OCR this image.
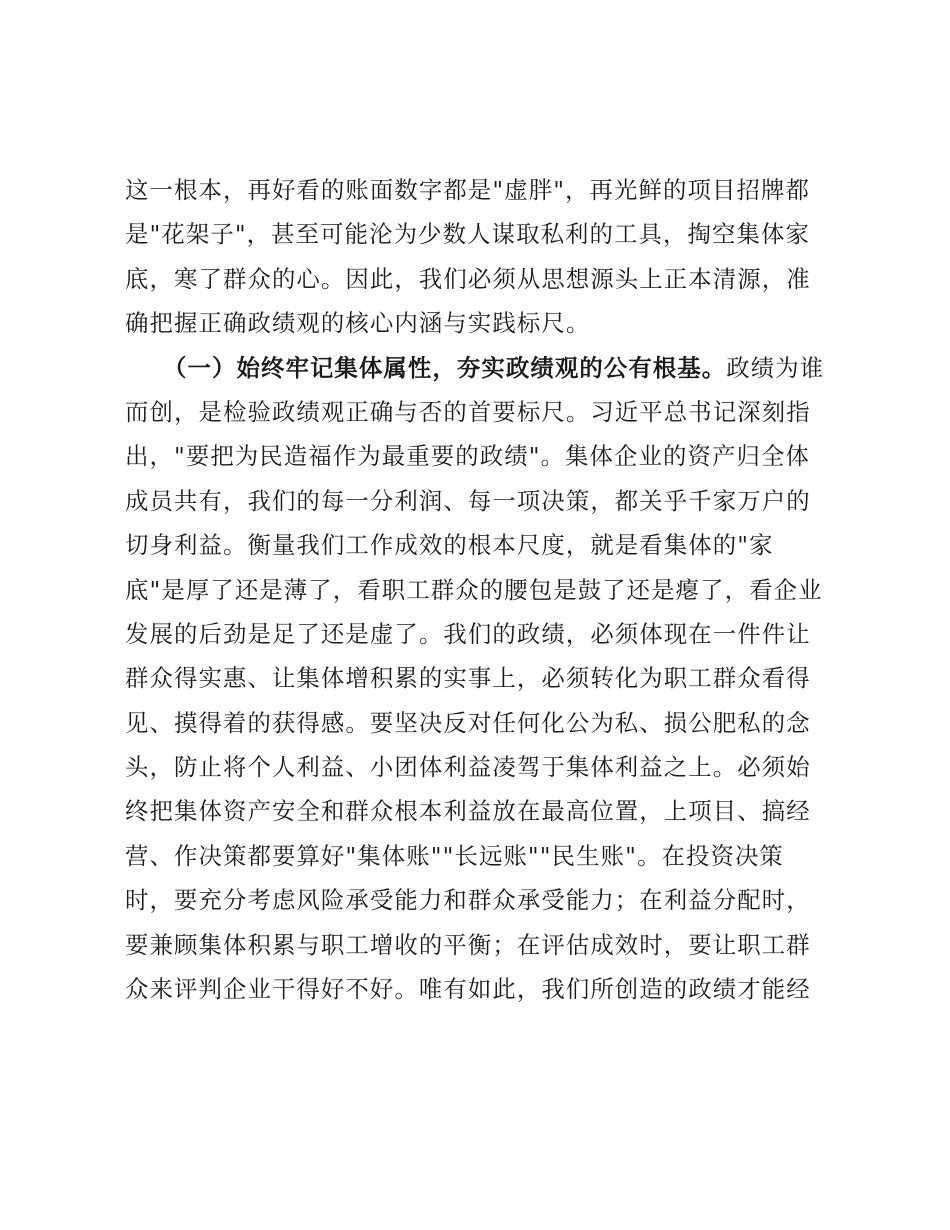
这一根本，再好看的账面数字都是"虚胖"，再光鲜的项目招牌都
是"花架子"，甚至可能沦为少数人谋取私利的工具，掏空集体家
底，寒了群众的心。因此，我们必须从思想源头上正本清源，准
确把握正确政绩观的核心内涵与实践标尺。
（一）始终牢记集体属性，夯实政绩观的公有根基。政绩为谁
而创，是检验政绩观正确与否的首要标尺。习近平总书记深刻指
出，"要把为民造福作为最重要的政绩"。集体企业的资产归全体
成员共有，我们的每一分利润、每一项决策，都关乎千家万户的
切身利益。衡量我们工作成效的根本尺度，就是看集体的"家
底"是厚了还是薄了，看职工群众的腰包是鼓了还是瘪了，看企业
发展的后劲是足了还是虚了。我们的政绩，必须体现在一件件让
群众得实惠、让集体增积累的实事上，必须转化为职工群众看得
见、摸得着的获得感。要坚决反对任何化公为私、损公肥私的念
头，防止将个人利益、小团体利益凌驾于集体利益之上。必须始
终把集体资产安全和群众根本利益放在最高位置，上项目、搞经
营、作决策都要算好"集体账""长远账""民生账"。在投资决策
时，要充分考虑风险承受能力和群众承受能力；在利益分配时，
要兼顾集体积累与职工增收的平衡；在评估成效时，要让职工群
众来评判企业干得好不好。唯有如此，我们所创造的政绩才能经
